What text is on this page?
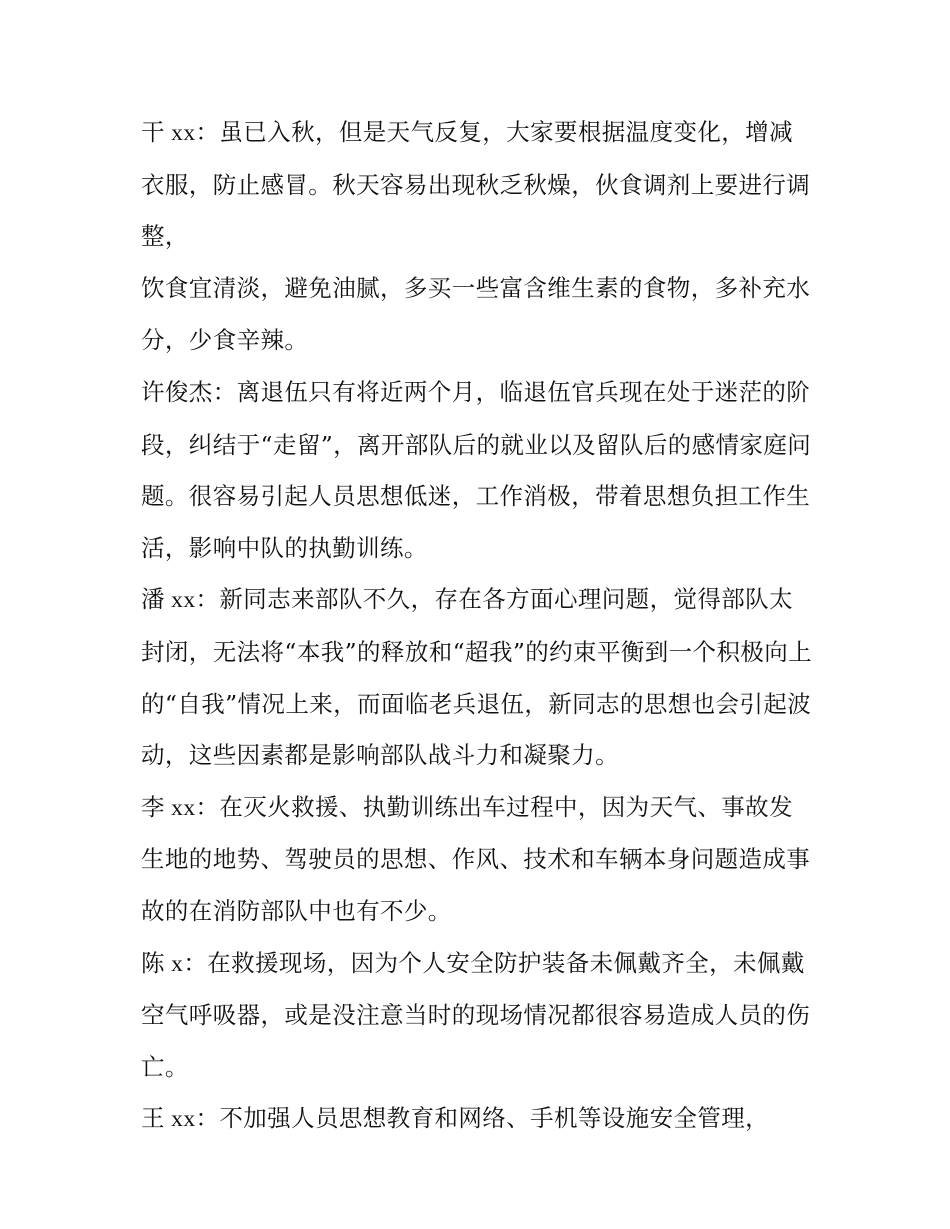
干 xx：虽已入秋，但是天气反复，大家要根据温度变化，增减衣服，防止感冒。秋天容易出现秋乏秋燥，伙食调剂上要进行调整，

饮食宜清淡，避免油腻，多买一些富含维生素的食物，多补充水分，少食辛辣。

许俊杰：离退伍只有将近两个月，临退伍官兵现在处于迷茫的阶段，纠结于“走留”，离开部队后的就业以及留队后的感情家庭问题。很容易引起人员思想低迷，工作消极，带着思想负担工作生活，影响中队的执勤训练。

潘 xx：新同志来部队不久，存在各方面心理问题，觉得部队太封闭，无法将“本我”的释放和“超我”的约束平衡到一个积极向上的“自我”情况上来，而面临老兵退伍，新同志的思想也会引起波动，这些因素都是影响部队战斗力和凝聚力。

李 xx：在灭火救援、执勤训练出车过程中，因为天气、事故发生地的地势、驾驶员的思想、作风、技术和车辆本身问题造成事故的在消防部队中也有不少。

陈 x：在救援现场，因为个人安全防护装备未佩戴齐全，未佩戴空气呼吸器，或是没注意当时的现场情况都很容易造成人员的伤亡。

王 xx：不加强人员思想教育和网络、手机等设施安全管理，
